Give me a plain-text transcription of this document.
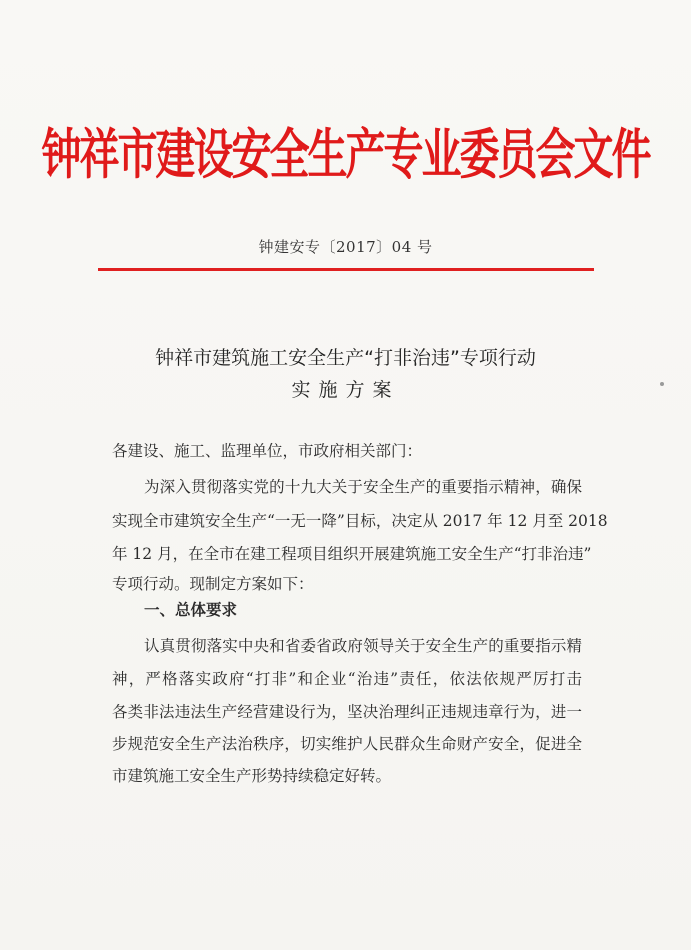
钟祥市建设安全生产专业委员会文件
钟建安专〔2017〕04 号
钟祥市建筑施工安全生产“打非治违”专项行动
实施方案
各建设、施工、监理单位，市政府相关部门：
为深入贯彻落实党的十九大关于安全生产的重要指示精神，确保
实现全市建筑安全生产“一无一降”目标，决定从 2017 年 12 月至 2018
年 12 月，在全市在建工程项目组织开展建筑施工安全生产“打非治违”
专项行动。现制定方案如下：
一、总体要求
认真贯彻落实中央和省委省政府领导关于安全生产的重要指示精
神，严格落实政府“打非”和企业“治违”责任，依法依规严厉打击
各类非法违法生产经营建设行为，坚决治理纠正违规违章行为，进一
步规范安全生产法治秩序，切实维护人民群众生命财产安全，促进全
市建筑施工安全生产形势持续稳定好转。
